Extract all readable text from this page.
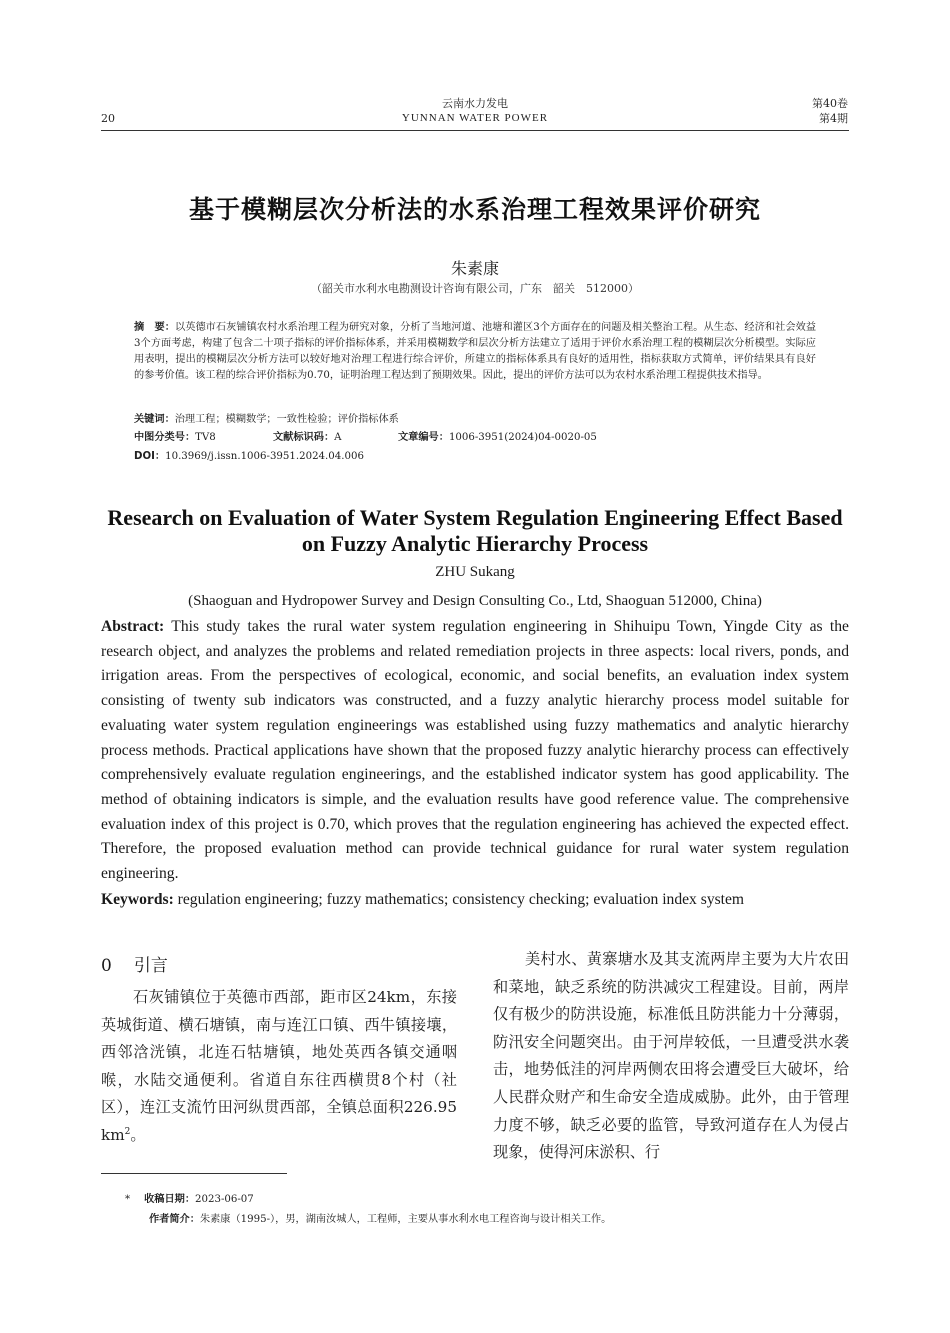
云南水力发电
YUNNAN WATER POWER
20
第40卷
第4期
基于模糊层次分析法的水系治理工程效果评价研究
朱素康
（韶关市水利水电勘测设计咨询有限公司，广东　韶关　512000）
摘　要：以英德市石灰铺镇农村水系治理工程为研究对象，分析了当地河道、池塘和灌区3个方面存在的问题及相关整治工程。从生态、经济和社会效益3个方面考虑，构建了包含二十项子指标的评价指标体系，并采用模糊数学和层次分析方法建立了适用于评价水系治理工程的模糊层次分析模型。实际应用表明，提出的模糊层次分析方法可以较好地对治理工程进行综合评价，所建立的指标体系具有良好的适用性，指标获取方式简单，评价结果具有良好的参考价值。该工程的综合评价指标为0.70，证明治理工程达到了预期效果。因此，提出的评价方法可以为农村水系治理工程提供技术指导。
关键词：治理工程；模糊数学；一致性检验；评价指标体系
中图分类号：TV8	文献标识码：A	文章编号：1006-3951(2024)04-0020-05
DOI：10.3969/j.issn.1006-3951.2024.04.006
Research on Evaluation of Water System Regulation Engineering Effect Based on Fuzzy Analytic Hierarchy Process
ZHU Sukang
(Shaoguan and Hydropower Survey and Design Consulting Co., Ltd, Shaoguan 512000, China)
Abstract: This study takes the rural water system regulation engineering in Shihuipu Town, Yingde City as the research object, and analyzes the problems and related remediation projects in three aspects: local rivers, ponds, and irrigation areas. From the perspectives of ecological, economic, and social benefits, an evaluation index system consisting of twenty sub indicators was constructed, and a fuzzy analytic hierarchy process model suitable for evaluating water system regulation engineerings was established using fuzzy mathematics and analytic hierarchy process methods. Practical applications have shown that the proposed fuzzy analytic hierarchy process can effectively comprehensively evaluate regulation engineerings, and the established indicator system has good applicability. The method of obtaining indicators is simple, and the evaluation results have good reference value. The comprehensive evaluation index of this project is 0.70, which proves that the regulation engineering has achieved the expected effect. Therefore, the proposed evaluation method can provide technical guidance for rural water system regulation engineering.
Keywords: regulation engineering; fuzzy mathematics; consistency checking; evaluation index system
0 引言
石灰铺镇位于英德市西部，距市区24km，东接英城街道、横石塘镇，南与连江口镇、西牛镇接壤，西邻浛洸镇，北连石牯塘镇，地处英西各镇交通咽喉，水陆交通便利。省道自东往西横贯8个村（社区），连江支流竹田河纵贯西部，全镇总面积226.95 $km^2$。
美村水、黄寨塘水及其支流两岸主要为大片农田和菜地，缺乏系统的防洪减灾工程建设。目前，两岸仅有极少的防洪设施，标准低且防洪能力十分薄弱，防汛安全问题突出。由于河岸较低，一旦遭受洪水袭击，地势低洼的河岸两侧农田将会遭受巨大破坏，给人民群众财产和生命安全造成威胁。此外，由于管理力度不够，缺乏必要的监管，导致河道存在人为侵占现象，使得河床淤积、行
* 收稿日期：2023-06-07
作者简介：朱素康（1995-），男，湖南汝城人，工程师，主要从事水利水电工程咨询与设计相关工作。
